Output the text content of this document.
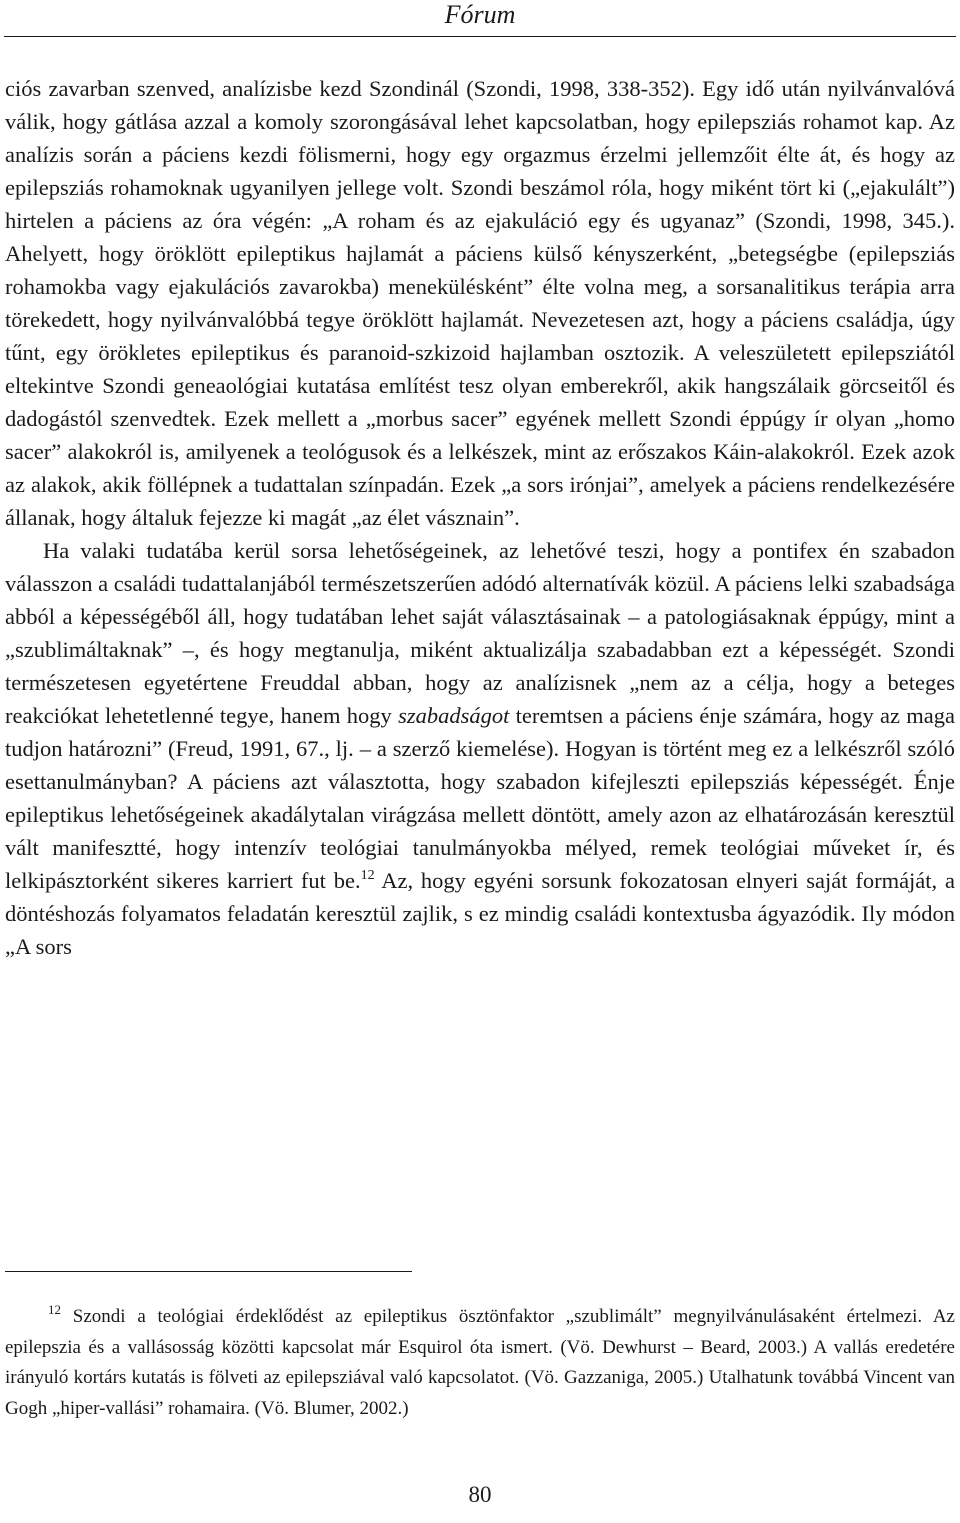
Fórum

ciós zavarban szenved, analízisbe kezd Szondinál (Szondi, 1998, 338-352). Egy idő után nyilvánvalóvá válik, hogy gátlása azzal a komoly szorongásával lehet kapcsolatban, hogy epilepsziás rohamot kap. Az analízis során a páciens kezdi fölismerni, hogy egy orgazmus érzelmi jellemzőit élte át, és hogy az epilepsziás rohamoknak ugyanilyen jellege volt. Szondi beszámol róla, hogy miként tört ki („ejakulált”) hirtelen a páciens az óra végén: „A roham és az ejakuláció egy és ugyanaz” (Szondi, 1998, 345.). Ahelyett, hogy öröklött epileptikus hajlamát a páciens külső kényszerként, „betegségbe (epilepsziás rohamokba vagy ejakulációs zavarokba) menekülésként” élte volna meg, a sorsanalitikus terápia arra törekedett, hogy nyilvánvalóbbá tegye öröklött hajlamát. Nevezetesen azt, hogy a páciens családja, úgy tűnt, egy örökletes epileptikus és paranoid-szkizoid hajlamban osztozik. A veleszületett epilepsziától eltekintve Szondi geneaológiai kutatása említést tesz olyan emberekről, akik hangszálaik görcseitől és dadogástól szenvedtek. Ezek mellett a „morbus sacer” egyének mellett Szondi éppúgy ír olyan „homo sacer” alakokról is, amilyenek a teológusok és a lelkészek, mint az erőszakos Káin-alakokról. Ezek azok az alakok, akik föllépnek a tudattalan színpadán. Ezek „a sors irónjai”, amelyek a páciens rendelkezésére állanak, hogy általuk fejezze ki magát „az élet vásznain”.

Ha valaki tudatába kerül sorsa lehetőségeinek, az lehetővé teszi, hogy a pontifex én szabadon válasszon a családi tudattalanjából természetszerűen adódó alternatívák közül. A páciens lelki szabadsága abból a képességéből áll, hogy tudatában lehet saját választásainak – a patologiásaknak éppúgy, mint a „szublimáltaknak” –, és hogy megtanulja, miként aktualizálja szabadabban ezt a képességét. Szondi természetesen egyetértene Freuddal abban, hogy az analízisnek „nem az a célja, hogy a beteges reakciókat lehetetlenné tegye, hanem hogy szabadságot teremtsen a páciens énje számára, hogy az maga tudjon határozni” (Freud, 1991, 67., lj. – a szerző kiemelése). Hogyan is történt meg ez a lelkészről szóló esettanulmányban? A páciens azt választotta, hogy szabadon kifejleszti epilepsziás képességét. Énje epileptikus lehetőségeinek akadálytalan virágzása mellett döntött, amely azon az elhatározásán keresztül vált manifesztté, hogy intenzív teológiai tanulmányokba mélyed, remek teológiai műveket ír, és lelkipásztorként sikeres karriert fut be.$^{12}$ Az, hogy egyéni sorsunk fokozatosan elnyeri saját formáját, a döntéshozás folyamatos feladatán keresztül zajlik, s ez mindig családi kontextusba ágyazódik. Ily módon „A sors

$^{12}$ Szondi a teológiai érdeklődést az epileptikus ösztönfaktor „szublimált” megnyilvánulásaként értelmezi. Az epilepszia és a vallásosság közötti kapcsolat már Esquirol óta ismert. (Vö. Dewhurst – Beard, 2003.) A vallás eredetére irányuló kortárs kutatás is fölveti az epilepsziával való kapcsolatot. (Vö. Gazzaniga, 2005.) Utalhatunk továbbá Vincent van Gogh „hiper-vallási” rohamaira. (Vö. Blumer, 2002.)
80
